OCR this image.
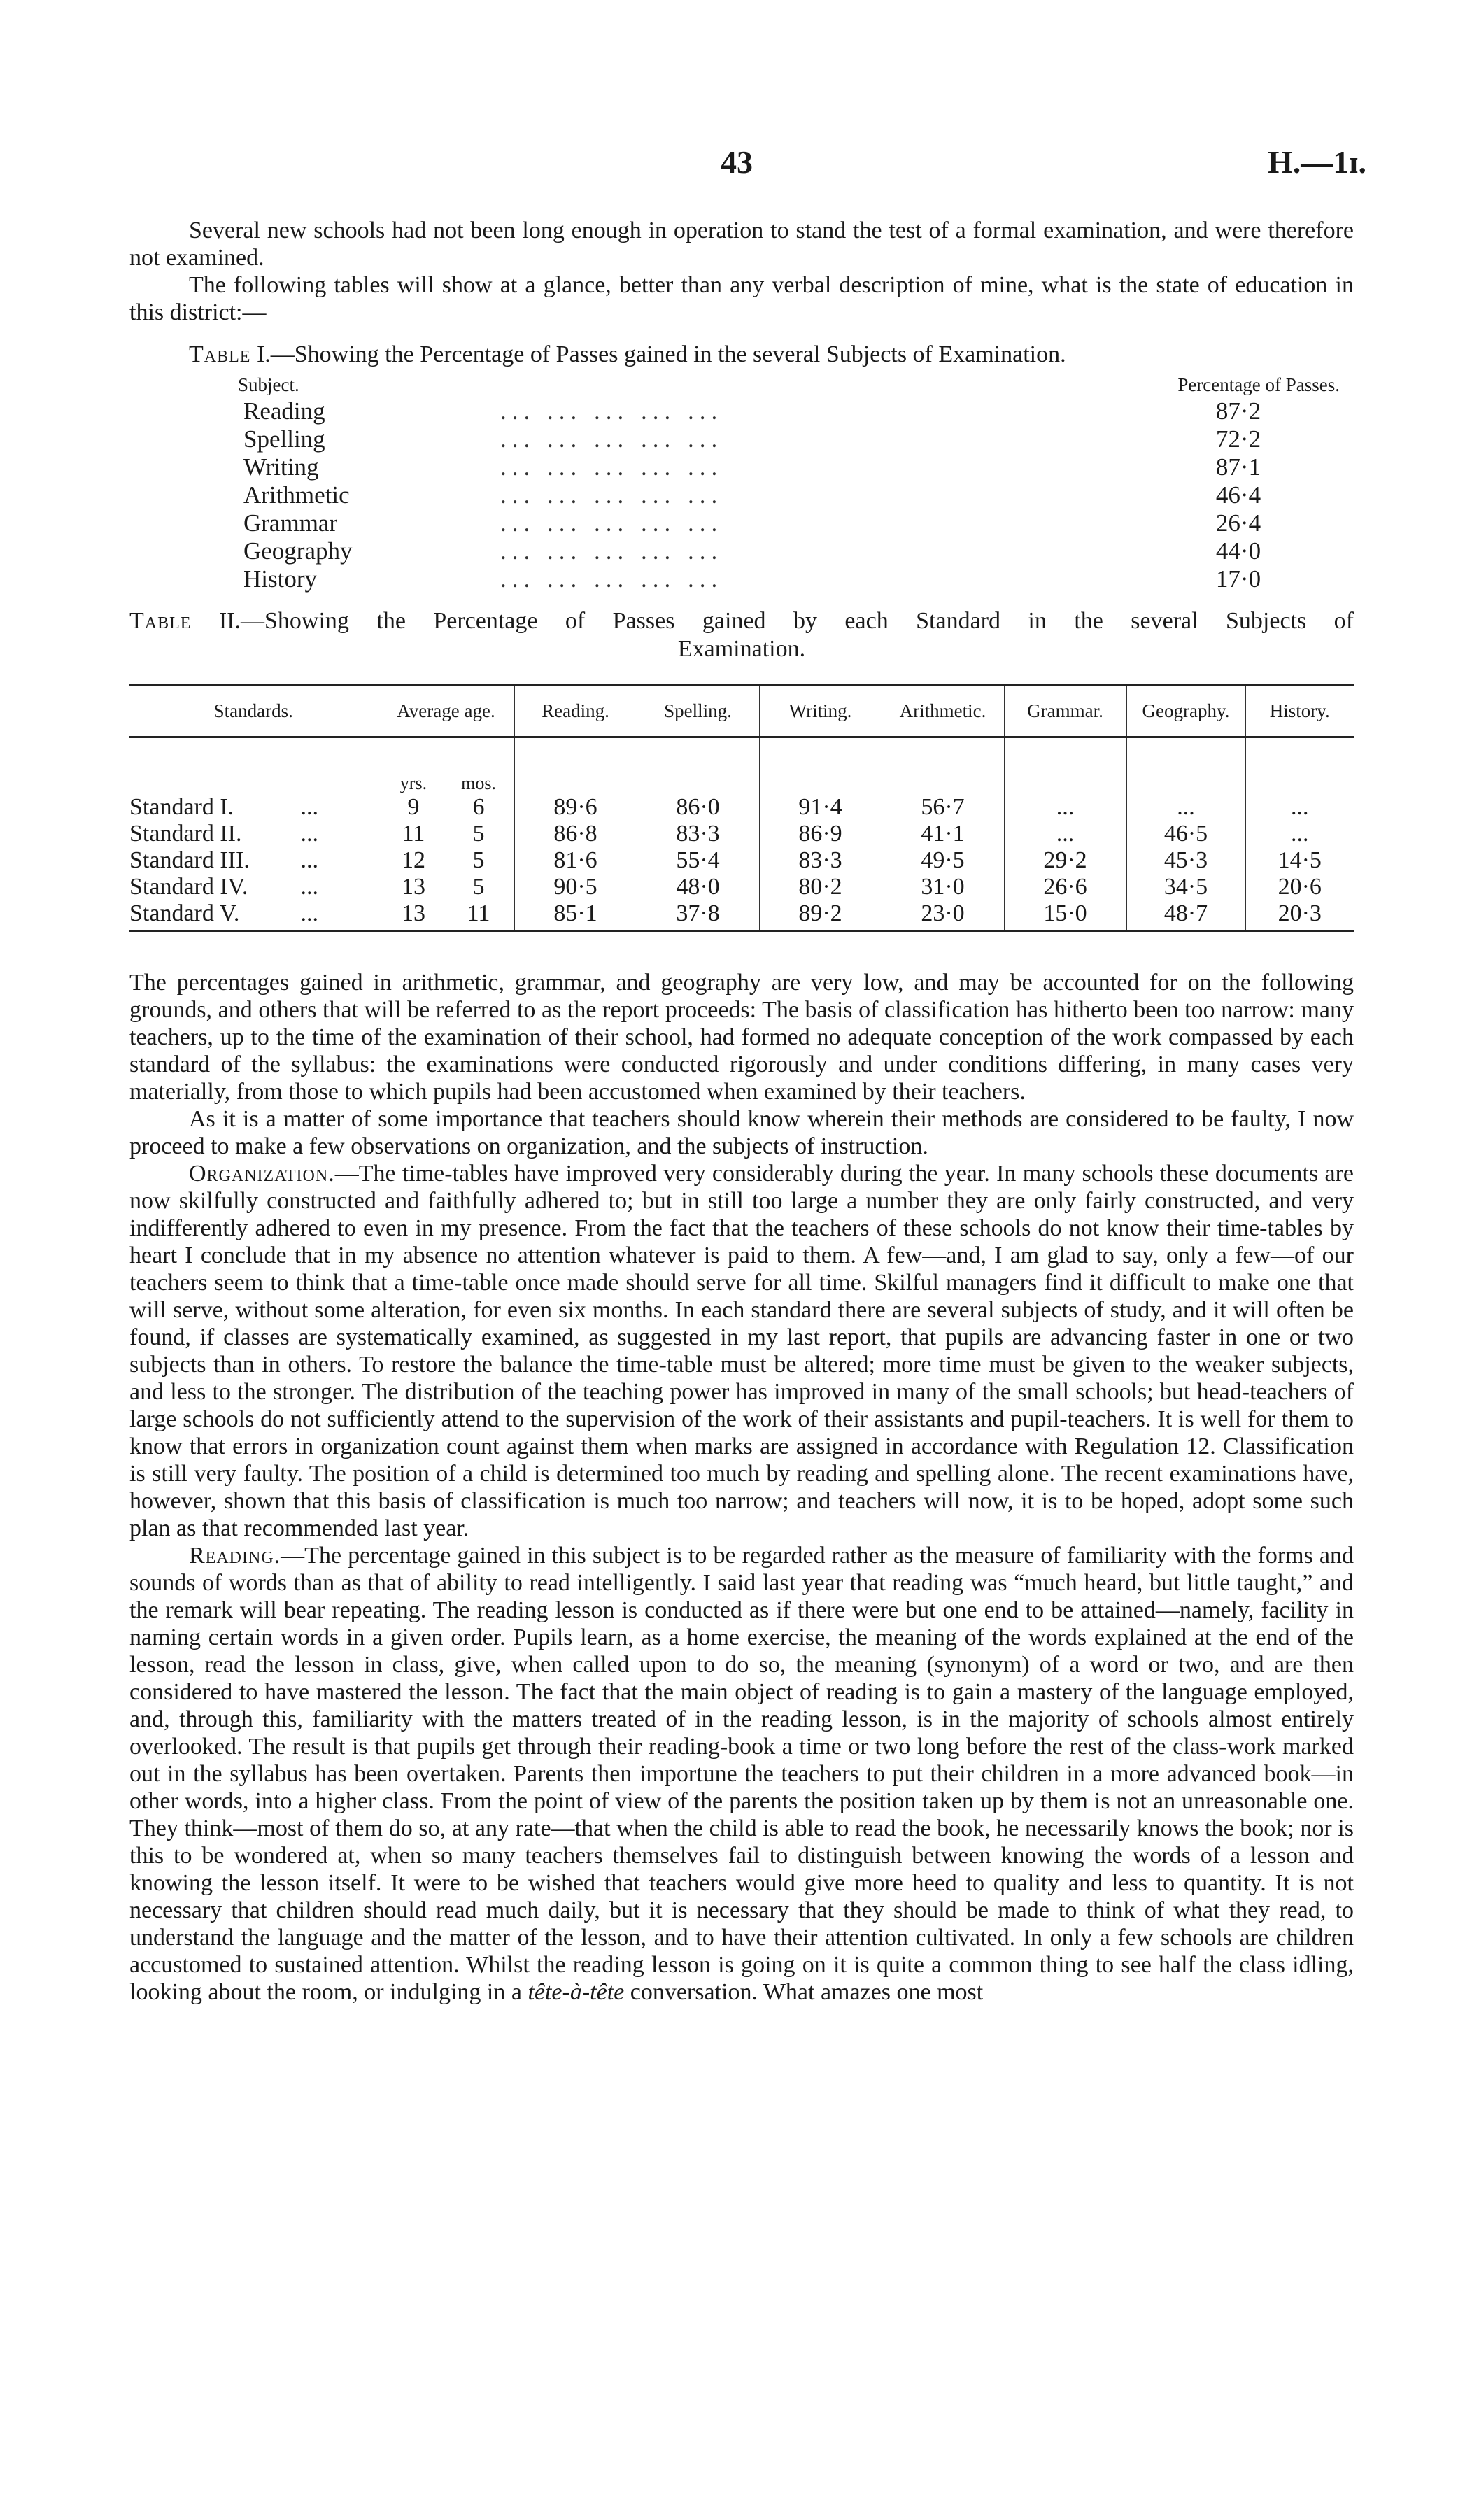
43	H.—1ɪ.

Several new schools had not been long enough in operation to stand the test of a formal examination, and were therefore not examined.

The following tables will show at a glance, better than any verbal description of mine, what is the state of education in this district:—

Table I.—Showing the Percentage of Passes gained in the several Subjects of Examination.
Subject.	Percentage of Passes.
Reading	... ... ... ... ...	87·2
Spelling	... ... ... ... ...	72·2
Writing	... ... ... ... ...	87·1
Arithmetic	... ... ... ... ...	46·4
Grammar	... ... ... ... ...	26·4
Geography	... ... ... ... ...	44·0
History	... ... ... ... ...	17·0
Table II.—Showing the Percentage of Passes gained by each Standard in the several Subjects of
Examination.
Standards.	Average age.	Reading.	Spelling.	Writing.	Arithmetic.	Grammar.	Geography.	History.

	yrs. mos.							
Standard I. ...	9 6	89·6	86·0	91·4	56·7	...	...	...
Standard II. ...	11 5	86·8	83·3	86·9	41·1	...	46·5	...
Standard III. ...	12 5	81·6	55·4	83·3	49·5	29·2	45·3	14·5
Standard IV. ...	13 5	90·5	48·0	80·2	31·0	26·6	34·5	20·6
Standard V. ...	13 11	85·1	37·8	89·2	23·0	15·0	48·7	20·3

The percentages gained in arithmetic, grammar, and geography are very low, and may be accounted for on the following grounds, and others that will be referred to as the report proceeds: The basis of classification has hitherto been too narrow: many teachers, up to the time of the examination of their school, had formed no adequate conception of the work compassed by each standard of the syllabus: the examinations were conducted rigorously and under conditions differing, in many cases very materially, from those to which pupils had been accustomed when examined by their teachers.

As it is a matter of some importance that teachers should know wherein their methods are considered to be faulty, I now proceed to make a few observations on organization, and the subjects of instruction.

Organization.—The time-tables have improved very considerably during the year. In many schools these documents are now skilfully constructed and faithfully adhered to; but in still too large a number they are only fairly constructed, and very indifferently adhered to even in my presence. From the fact that the teachers of these schools do not know their time-tables by heart I conclude that in my absence no attention whatever is paid to them. A few—and, I am glad to say, only a few—of our teachers seem to think that a time-table once made should serve for all time. Skilful managers find it difficult to make one that will serve, without some alteration, for even six months. In each standard there are several subjects of study, and it will often be found, if classes are systematically examined, as suggested in my last report, that pupils are advancing faster in one or two subjects than in others. To restore the balance the time-table must be altered; more time must be given to the weaker subjects, and less to the stronger. The distribution of the teaching power has improved in many of the small schools; but head-teachers of large schools do not sufficiently attend to the supervision of the work of their assistants and pupil-teachers. It is well for them to know that errors in organization count against them when marks are assigned in accordance with Regulation 12. Classification is still very faulty. The position of a child is determined too much by reading and spelling alone. The recent examinations have, however, shown that this basis of classification is much too narrow; and teachers will now, it is to be hoped, adopt some such plan as that recommended last year.

Reading.—The percentage gained in this subject is to be regarded rather as the measure of familiarity with the forms and sounds of words than as that of ability to read intelligently. I said last year that reading was “much heard, but little taught,” and the remark will bear repeating. The reading lesson is conducted as if there were but one end to be attained—namely, facility in naming certain words in a given order. Pupils learn, as a home exercise, the meaning of the words explained at the end of the lesson, read the lesson in class, give, when called upon to do so, the meaning (synonym) of a word or two, and are then considered to have mastered the lesson. The fact that the main object of reading is to gain a mastery of the language employed, and, through this, familiarity with the matters treated of in the reading lesson, is in the majority of schools almost entirely overlooked. The result is that pupils get through their reading-book a time or two long before the rest of the class-work marked out in the syllabus has been overtaken. Parents then importune the teachers to put their children in a more advanced book—in other words, into a higher class. From the point of view of the parents the position taken up by them is not an unreasonable one. They think—most of them do so, at any rate—that when the child is able to read the book, he necessarily knows the book; nor is this to be wondered at, when so many teachers themselves fail to distinguish between knowing the words of a lesson and knowing the lesson itself. It were to be wished that teachers would give more heed to quality and less to quantity. It is not necessary that children should read much daily, but it is necessary that they should be made to think of what they read, to understand the language and the matter of the lesson, and to have their attention cultivated. In only a few schools are children accustomed to sustained attention. Whilst the reading lesson is going on it is quite a common thing to see half the class idling, looking about the room, or indulging in a tête-à-tête conversation. What amazes one most
